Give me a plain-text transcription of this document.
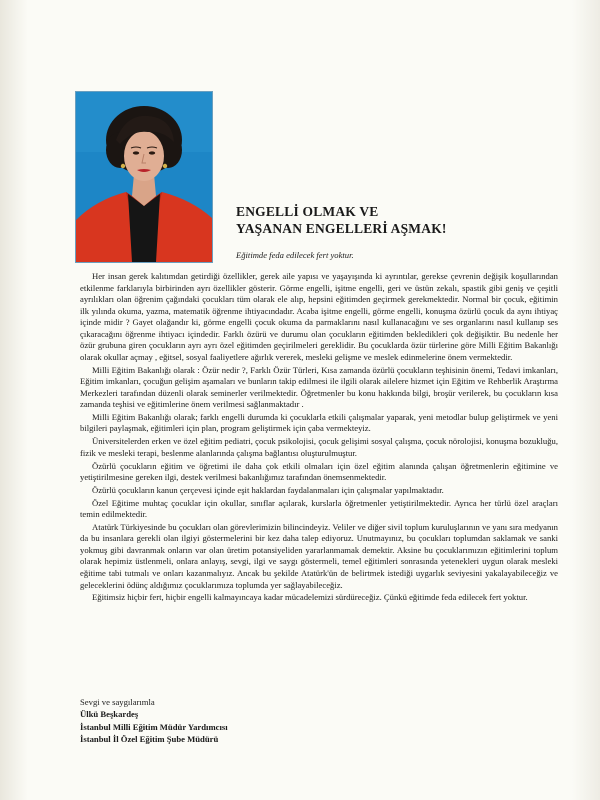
ENGELLİ OLMAK VE
YAŞANAN ENGELLERİ AŞMAK!

Eğitimde feda edilecek fert yoktur.

Her insan gerek kalıtımdan getirdiği özellikler, gerek aile yapısı ve yaşayışında ki ayrıntılar, gerekse çevrenin değişik koşullarından etkilenme farklarıyla birbirinden ayrı özellikler gösterir. Görme engelli, işitme engelli, geri ve üstün zekalı, spastik gibi geniş ve çeşitli ayrılıkları olan öğrenim çağındaki çocukları tüm olarak ele alıp, hepsini eğitimden geçirmek gerekmektedir. Normal bir çocuk, eğitimin ilk yılında okuma, yazma, matematik öğrenme ihtiyacındadır. Acaba işitme engelli, görme engelli, konuşma özürlü çocuk da aynı ihtiyaç içinde midir ? Gayet olağandır ki, görme engelli çocuk okuma da parmaklarını nasıl kullanacağını ve ses organlarını nasıl kullanıp ses çıkaracağını öğrenme ihtiyacı içindedir. Farklı özürü ve durumu olan çocukların eğitimden bekledikleri çok değişiktir. Bu nedenle her özür grubuna giren çocukların ayrı ayrı özel eğitimden geçirilmeleri gereklidir. Bu çocuklarda özür türlerine göre Milli Eğitim Bakanlığı olarak okullar açmay , eğitsel, sosyal faaliyetlere ağırlık vererek, mesleki gelişme ve meslek edinmelerine önem vermektedir.

Milli Eğitim Bakanlığı olarak : Özür nedir ?, Farklı Özür Türleri, Kısa zamanda özürlü çocukların teşhisinin önemi, Tedavi imkanları, Eğitim imkanları, çocuğun gelişim aşamaları ve bunların takip edilmesi ile ilgili olarak ailelere hizmet için Eğitim ve Rehberlik Araştırma Merkezleri tarafından düzenli olarak seminerler verilmektedir. Öğretmenler bu konu hakkında bilgi, broşür verilerek, bu çocukların kısa zamanda teşhisi ve eğitimlerine önem verilmesi sağlanmaktadır .

Milli Eğitim Bakanlığı olarak; farklı engelli durumda ki çocuklarla etkili çalışmalar yaparak, yeni metodlar bulup geliştirmek ve yeni bilgileri paylaşmak, eğitimleri için plan, program geliştirmek için çaba vermekteyiz.

Üniversitelerden erken ve özel eğitim pediatri, çocuk psikolojisi, çocuk gelişimi sosyal çalışma, çocuk nörolojisi, konuşma bozukluğu, fizik ve mesleki terapi, beslenme alanlarında çalışma bağlantısı oluşturulmuştur.

Özürlü çocukların eğitim ve öğretimi ile daha çok etkili olmaları için özel eğitim alanında çalışan öğretmenlerin eğitimine ve yetiştirilmesine gereken ilgi, destek verilmesi bakanlığımız tarafından önemsenmektedir.

Özürlü çocukların kanun çerçevesi içinde eşit haklardan faydalanmaları için çalışmalar yapılmaktadır.

Özel Eğitime muhtaç çocuklar için okullar, sınıflar açılarak, kurslarla öğretmenler yetiştirilmektedir. Ayrıca her türlü özel araçları temin edilmektedir.

Atatürk Türkiyesinde bu çocukları olan görevlerimizin bilincindeyiz. Veliler ve diğer sivil toplum kuruluşlarının ve yanı sıra medyanın da bu insanlara gerekli olan ilgiyi göstermelerini bir kez daha talep ediyoruz. Unutmayınız, bu çocukları toplumdan saklamak ve sanki yokmuş gibi davranmak onların var olan üretim potansiyeliden yararlanmamak demektir. Aksine bu çocuklarımızın eğitimlerini toplum olarak hepimiz üstlenmeli, onlara anlayış, sevgi, ilgi ve saygı göstermeli, temel eğitimleri sonrasında yetenekleri uygun olarak mesleki eğitime tabi tutmalı ve onları kazanmalıyız. Ancak bu şekilde Atatürk'ün de belirtmek istediği uygarlık seviyesini yakalayabileceğiz ve geleceklerini ödünç aldığımız çocuklarımıza toplumda yer sağlayabileceğiz.

Eğitimsiz hiçbir fert, hiçbir engelli kalmayıncaya kadar mücadelemizi sürdüreceğiz. Çünkü eğitimde feda edilecek fert yoktur.

Sevgi ve saygılarımla
Ülkü Beşkardeş
İstanbul Milli Eğitim Müdür Yardımcısı
İstanbul İl Özel Eğitim Şube Müdürü
